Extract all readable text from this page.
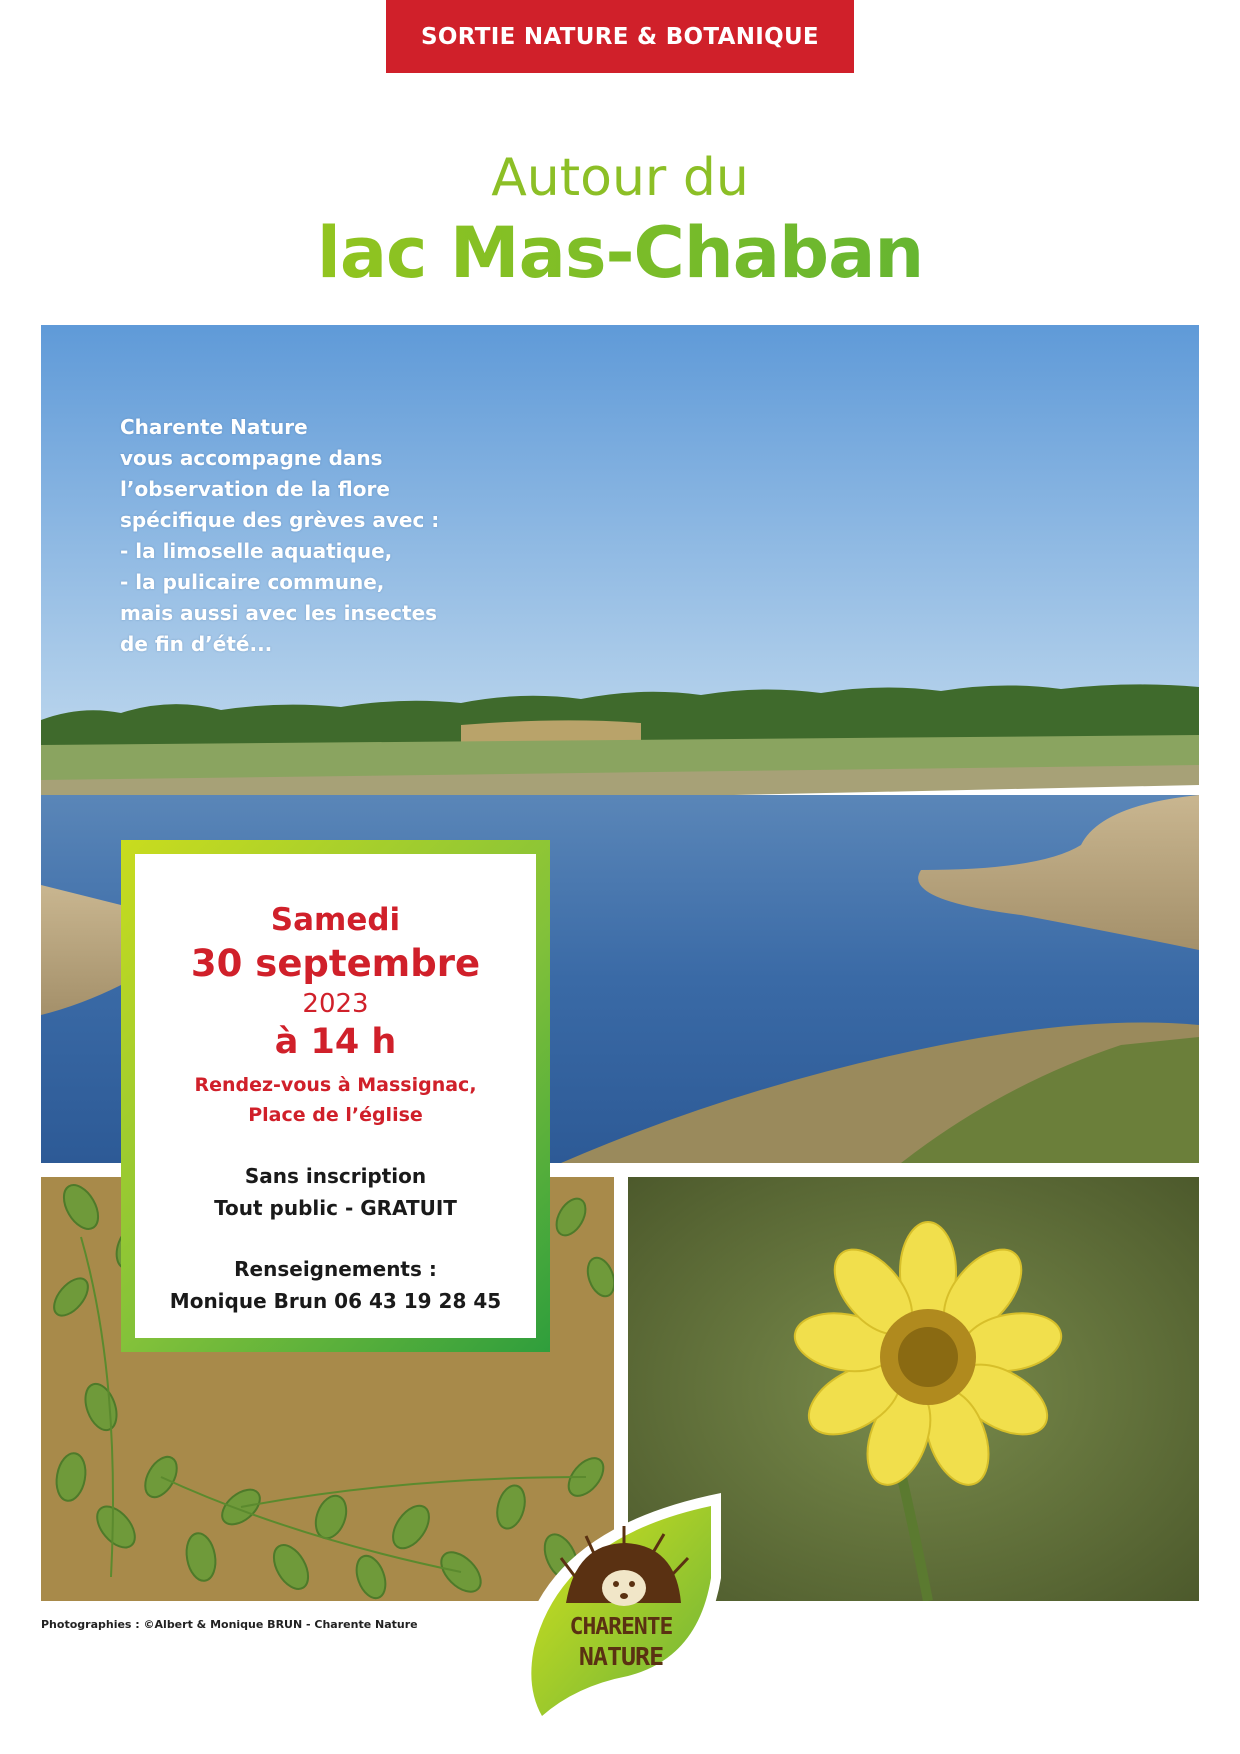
SORTIE NATURE & BOTANIQUE
Autour du
lac Mas-Chaban
Charente Nature
vous accompagne dans
l’observation de la flore
spécifique des grèves avec :
- la limoselle aquatique,
- la pulicaire commune,
mais aussi avec les insectes
de fin d’été...
Samedi
30 septembre
2023
à 14 h
Rendez-vous à Massignac,
Place de l’église
Sans inscription
Tout public - GRATUIT
Renseignements :
Monique Brun 06 43 19 28 45
Photographies : ©Albert & Monique BRUN - Charente Nature	CHARENTE
NATURE
